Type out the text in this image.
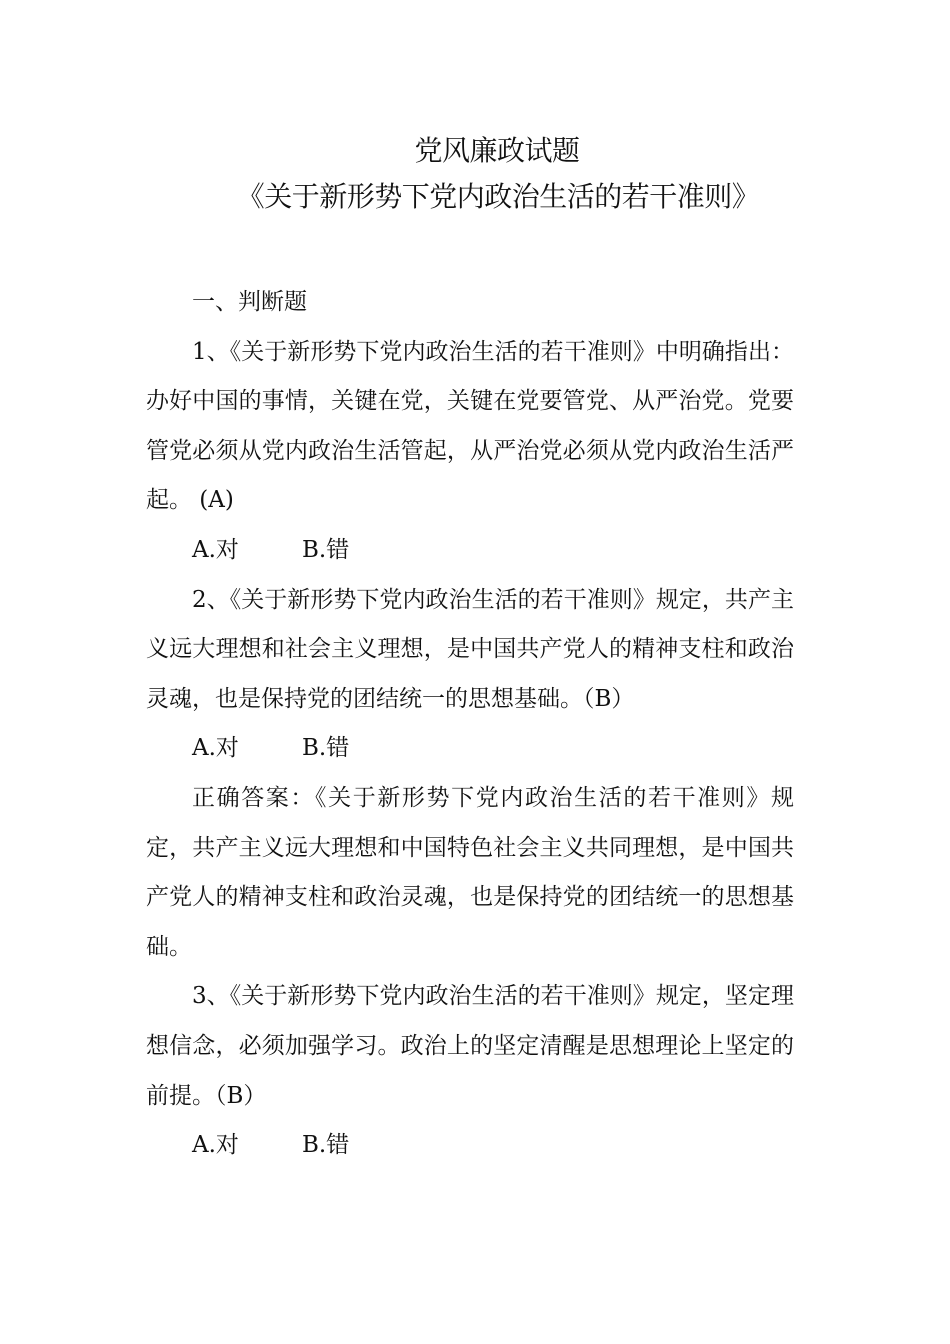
党风廉政试题
《关于新形势下党内政治生活的若干准则》

一、判断题

1、《关于新形势下党内政治生活的若干准则》中明确指出：办好中国的事情，关键在党，关键在党要管党、从严治党。党要管党必须从党内政治生活管起，从严治党必须从党内政治生活严起。 (A)

A.对	B.错

2、《关于新形势下党内政治生活的若干准则》规定，共产主义远大理想和社会主义理想，是中国共产党人的精神支柱和政治灵魂，也是保持党的团结统一的思想基础。（B）

A.对	B.错

正确答案：《关于新形势下党内政治生活的若干准则》规定，共产主义远大理想和中国特色社会主义共同理想，是中国共产党人的精神支柱和政治灵魂，也是保持党的团结统一的思想基础。

3、《关于新形势下党内政治生活的若干准则》规定，坚定理想信念，必须加强学习。政治上的坚定清醒是思想理论上坚定的前提。（B）

A.对	B.错
